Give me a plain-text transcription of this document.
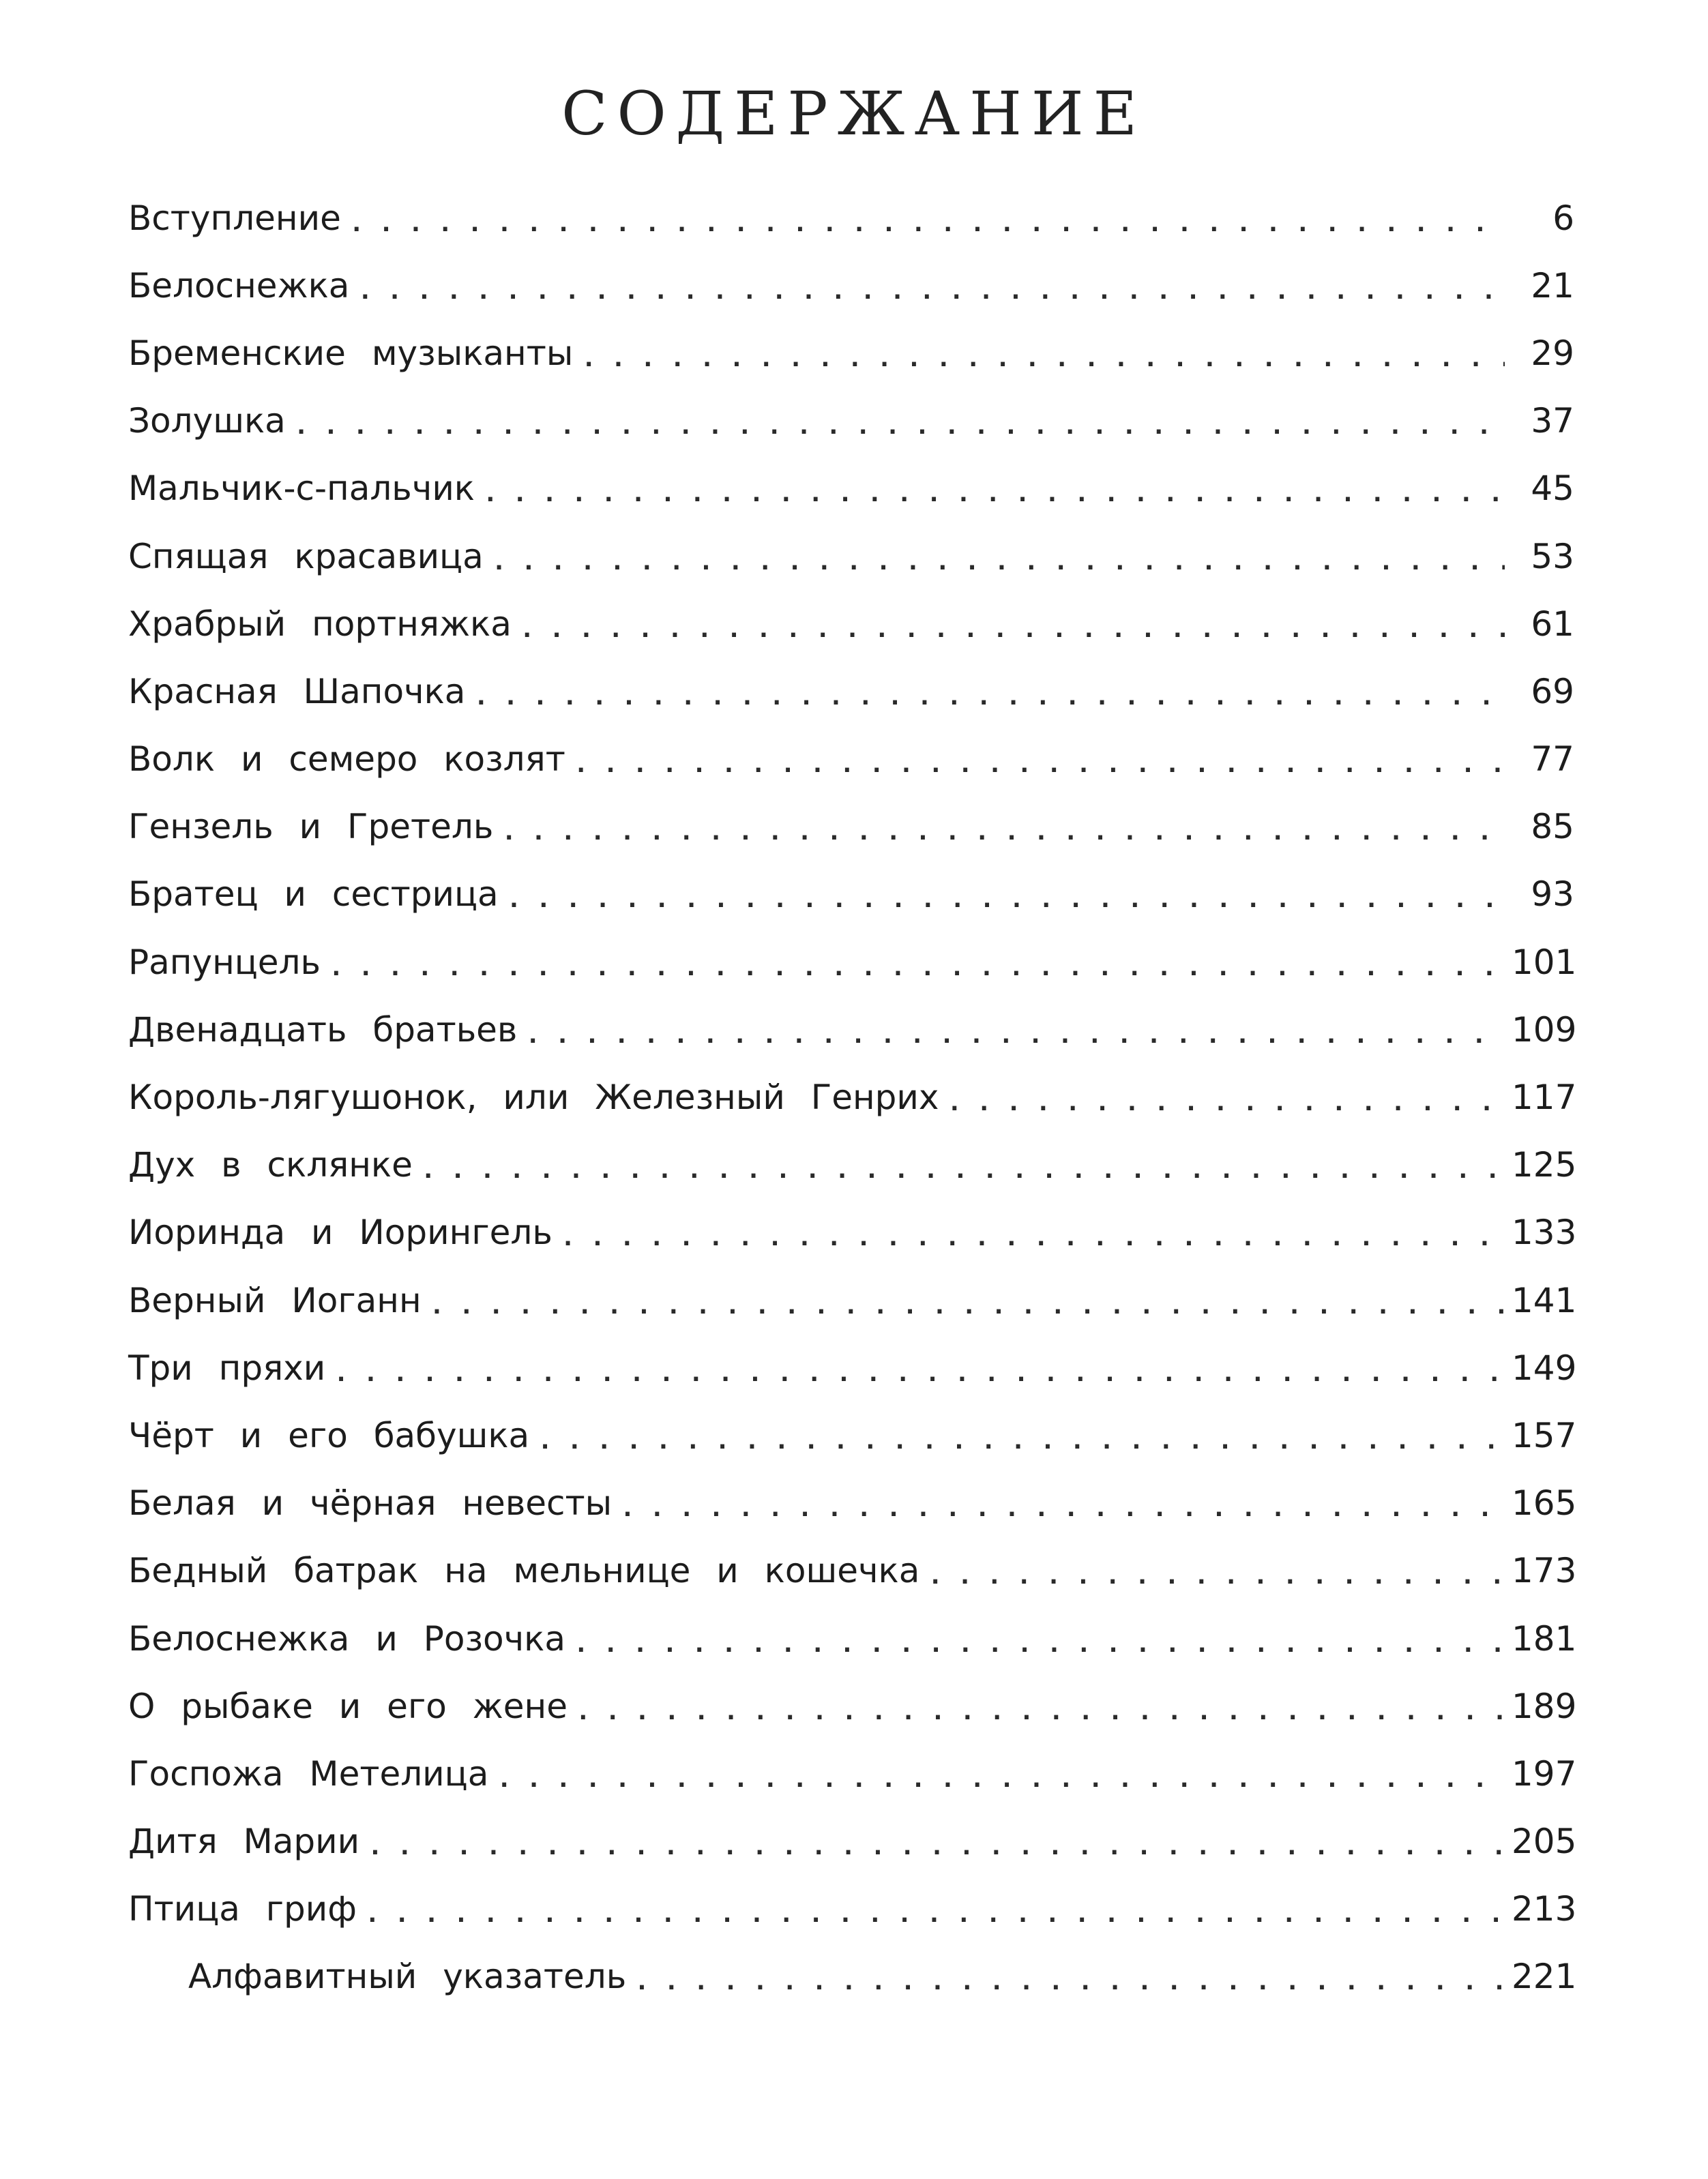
СОДЕРЖАНИЕ
Вступление . . .	6
Белоснежка . . .	21
Бременские музыканты . . .	29
Золушка . . .	37
Мальчик-с-пальчик . . .	45
Спящая красавица . . .	53
Храбрый портняжка . . .	61
Красная Шапочка . . .	69
Волк и семеро козлят . . .	77
Гензель и Гретель . . .	85
Братец и сестрица . . .	93
Рапунцель . . .	101
Двенадцать братьев . . .	109
Король-лягушонок, или Железный Генрих . . .	117
Дух в склянке . . .	125
Иоринда и Иорингель . . .	133
Верный Иоганн . . .	141
Три пряхи . . .	149
Чёрт и его бабушка . . .	157
Белая и чёрная невесты . . .	165
Бедный батрак на мельнице и кошечка . . .	173
Белоснежка и Розочка . . .	181
О рыбаке и его жене . . .	189
Госпожа Метелица . . .	197
Дитя Марии . . .	205
Птица гриф . . .	213
Алфавитный указатель . . .	221
